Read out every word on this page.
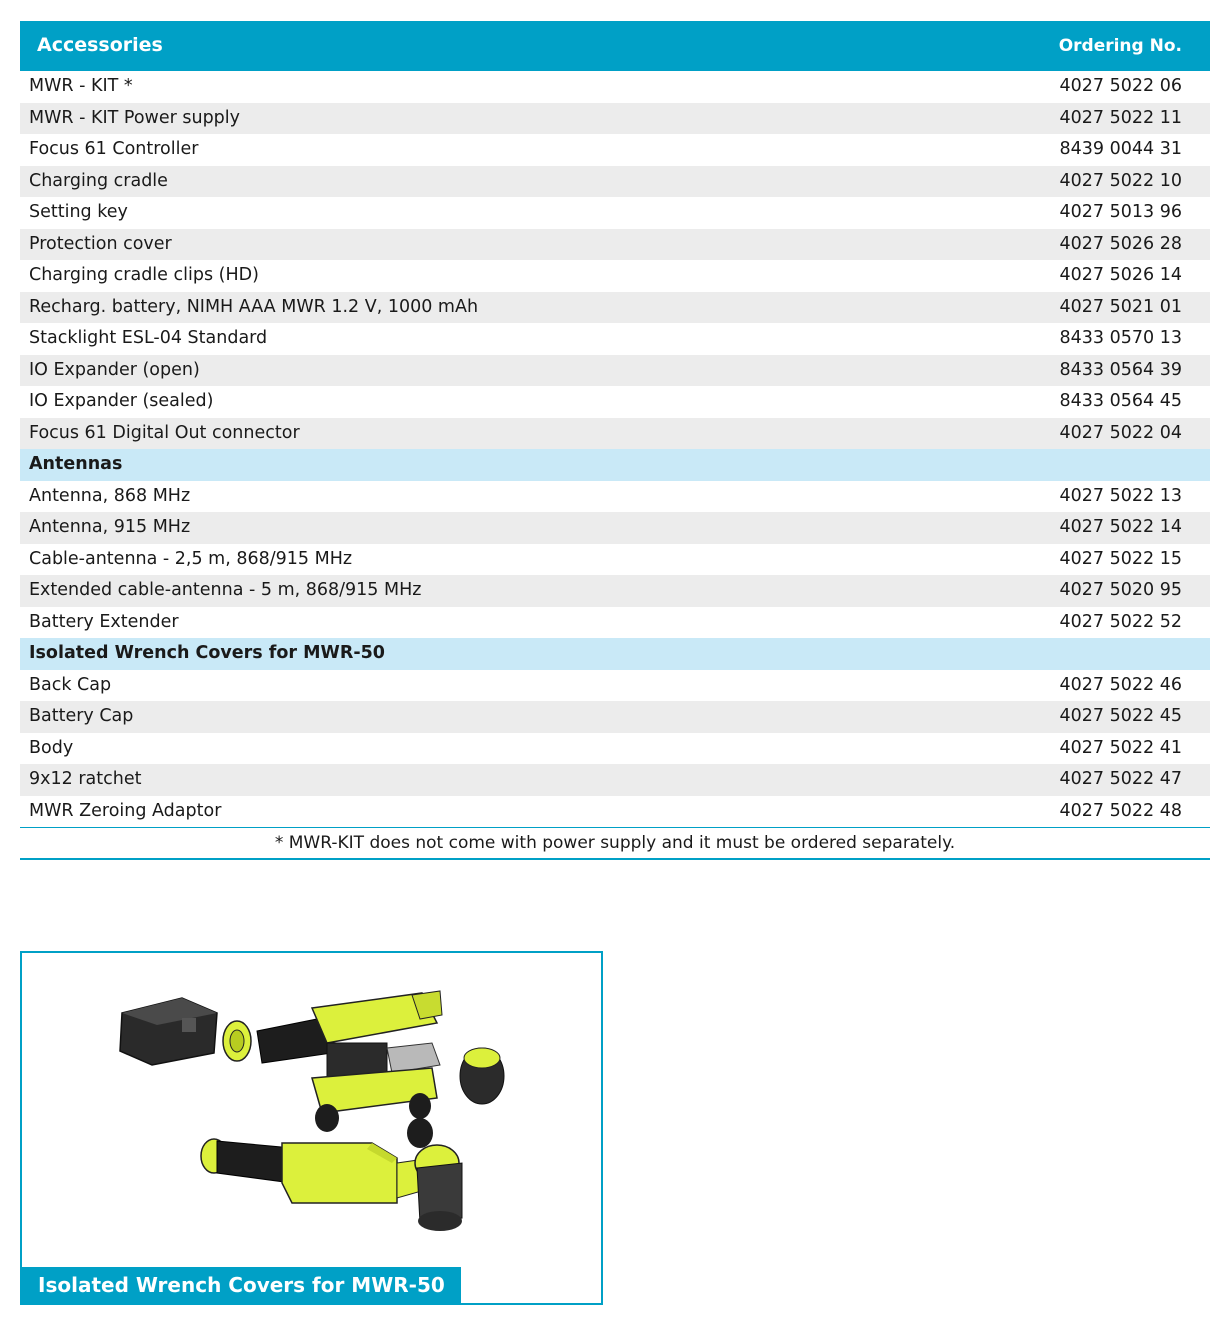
Accessories	Ordering No.
MWR - KIT *	4027 5022 06
MWR - KIT Power supply	4027 5022 11
Focus 61 Controller	8439 0044 31
Charging cradle	4027 5022 10
Setting key	4027 5013 96
Protection cover	4027 5026 28
Charging cradle clips (HD)	4027 5026 14
Recharg. battery, NIMH AAA MWR 1.2 V, 1000 mAh	4027 5021 01
Stacklight ESL-04 Standard	8433 0570 13
IO Expander (open)	8433 0564 39
IO Expander (sealed)	8433 0564 45
Focus 61 Digital Out connector	4027 5022 04
Antennas
Antenna, 868 MHz	4027 5022 13
Antenna, 915 MHz	4027 5022 14
Cable-antenna - 2,5 m, 868/915 MHz	4027 5022 15
Extended cable-antenna - 5 m, 868/915 MHz	4027 5020 95
Battery Extender	4027 5022 52
Isolated Wrench Covers for MWR-50
Back Cap	4027 5022 46
Battery Cap	4027 5022 45
Body	4027 5022 41
9x12 ratchet	4027 5022 47
MWR Zeroing Adaptor	4027 5022 48
* MWR-KIT does not come with power supply and it must be ordered separately.
Isolated Wrench Covers for MWR-50
